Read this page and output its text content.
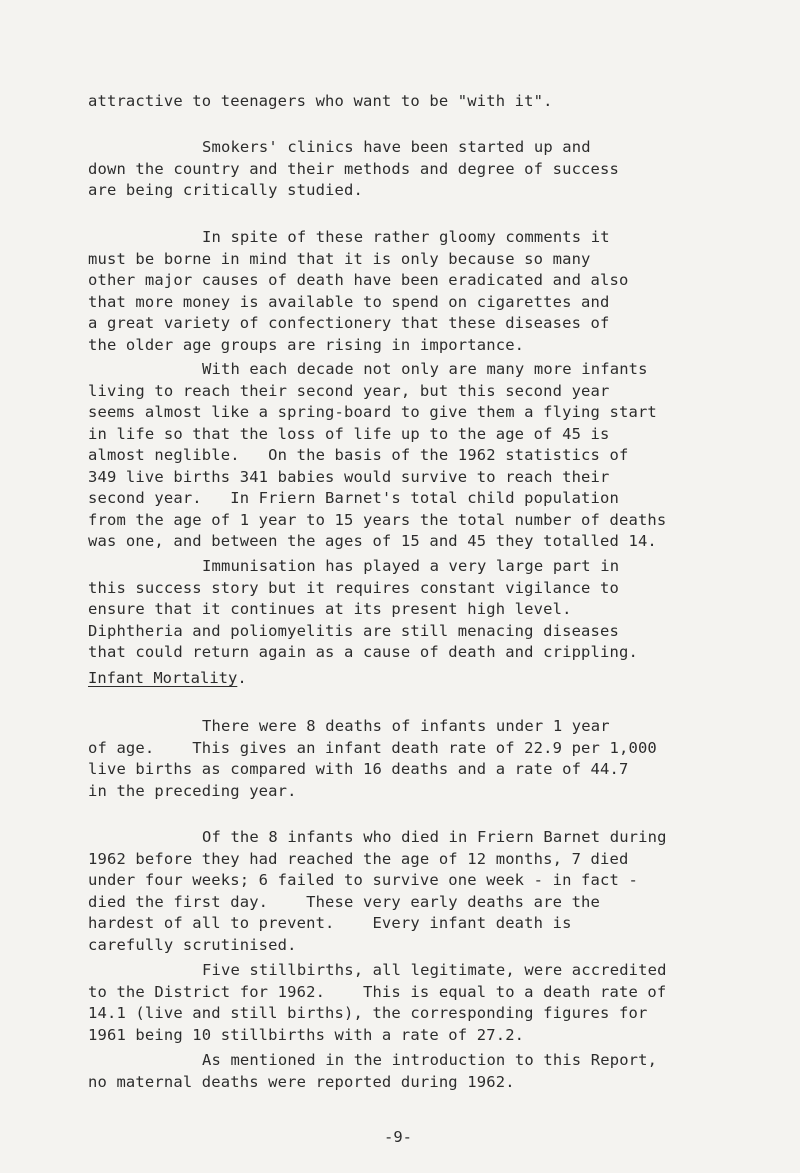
attractive to teenagers who want to be "with it".
Smokers' clinics have been started up and
down the country and their methods and degree of success
are being critically studied.
In spite of these rather gloomy comments it
must be borne in mind that it is only because so many
other major causes of death have been eradicated and also
that more money is available to spend on cigarettes and
a great variety of confectionery that these diseases of
the older age groups are rising in importance.
With each decade not only are many more infants
living to reach their second year, but this second year
seems almost like a spring-board to give them a flying start
in life so that the loss of life up to the age of 45 is
almost neglible.   On the basis of the 1962 statistics of
349 live births 341 babies would survive to reach their
second year.   In Friern Barnet's total child population
from the age of 1 year to 15 years the total number of deaths
was one, and between the ages of 15 and 45 they totalled 14.
Immunisation has played a very large part in
this success story but it requires constant vigilance to
ensure that it continues at its present high level.
Diphtheria and poliomyelitis are still menacing diseases
that could return again as a cause of death and crippling.
Infant Mortality.
There were 8 deaths of infants under 1 year
of age.    This gives an infant death rate of 22.9 per 1,000
live births as compared with 16 deaths and a rate of 44.7
in the preceding year.
Of the 8 infants who died in Friern Barnet during
1962 before they had reached the age of 12 months, 7 died
under four weeks; 6 failed to survive one week - in fact -
died the first day.    These very early deaths are the
hardest of all to prevent.    Every infant death is
carefully scrutinised.
Five stillbirths, all legitimate, were accredited
to the District for 1962.    This is equal to a death rate of
14.1 (live and still births), the corresponding figures for
1961 being 10 stillbirths with a rate of 27.2.
As mentioned in the introduction to this Report,
no maternal deaths were reported during 1962.
-9-
